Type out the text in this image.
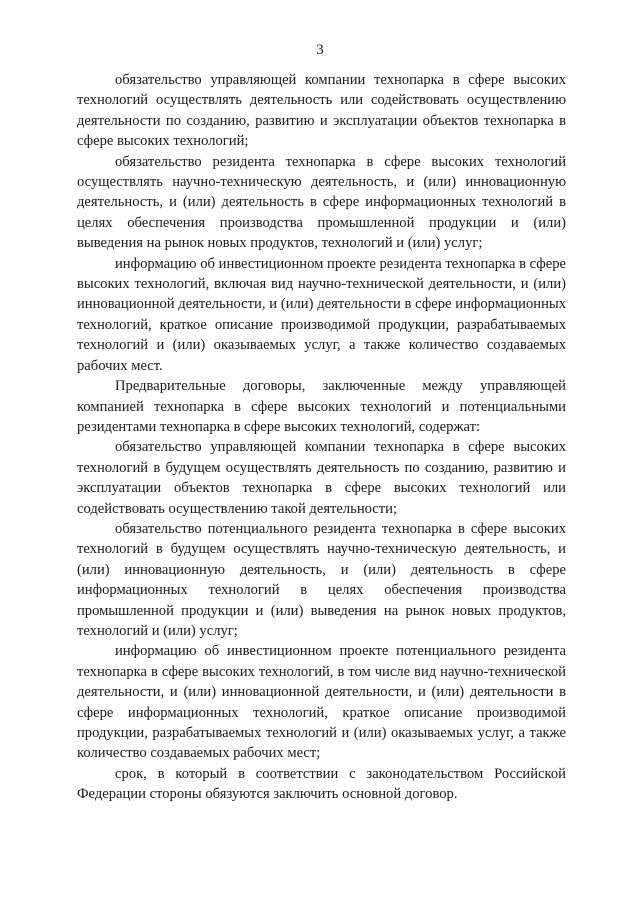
3

обязательство управляющей компании технопарка в сфере высоких технологий осуществлять деятельность или содействовать осуществлению деятельности по созданию, развитию и эксплуатации объектов технопарка в сфере высоких технологий;

обязательство резидента технопарка в сфере высоких технологий осуществлять научно-техническую деятельность, и (или) инновационную деятельность, и (или) деятельность в сфере информационных технологий в целях обеспечения производства промышленной продукции и (или) выведения на рынок новых продуктов, технологий и (или) услуг;

информацию об инвестиционном проекте резидента технопарка в сфере высоких технологий, включая вид научно-технической деятельности, и (или) инновационной деятельности, и (или) деятельности в сфере информационных технологий, краткое описание производимой продукции, разрабатываемых технологий и (или) оказываемых услуг, а также количество создаваемых рабочих мест.

Предварительные договоры, заключенные между управляющей компанией технопарка в сфере высоких технологий и потенциальными резидентами технопарка в сфере высоких технологий, содержат:

обязательство управляющей компании технопарка в сфере высоких технологий в будущем осуществлять деятельность по созданию, развитию и эксплуатации объектов технопарка в сфере высоких технологий или содействовать осуществлению такой деятельности;

обязательство потенциального резидента технопарка в сфере высоких технологий в будущем осуществлять научно-техническую деятельность, и (или) инновационную деятельность, и (или) деятельность в сфере информационных технологий в целях обеспечения производства промышленной продукции и (или) выведения на рынок новых продуктов, технологий и (или) услуг;

информацию об инвестиционном проекте потенциального резидента технопарка в сфере высоких технологий, в том числе вид научно-технической деятельности, и (или) инновационной деятельности, и (или) деятельности в сфере информационных технологий, краткое описание производимой продукции, разрабатываемых технологий и (или) оказываемых услуг, а также количество создаваемых рабочих мест;

срок, в который в соответствии с законодательством Российской Федерации стороны обязуются заключить основной договор.
